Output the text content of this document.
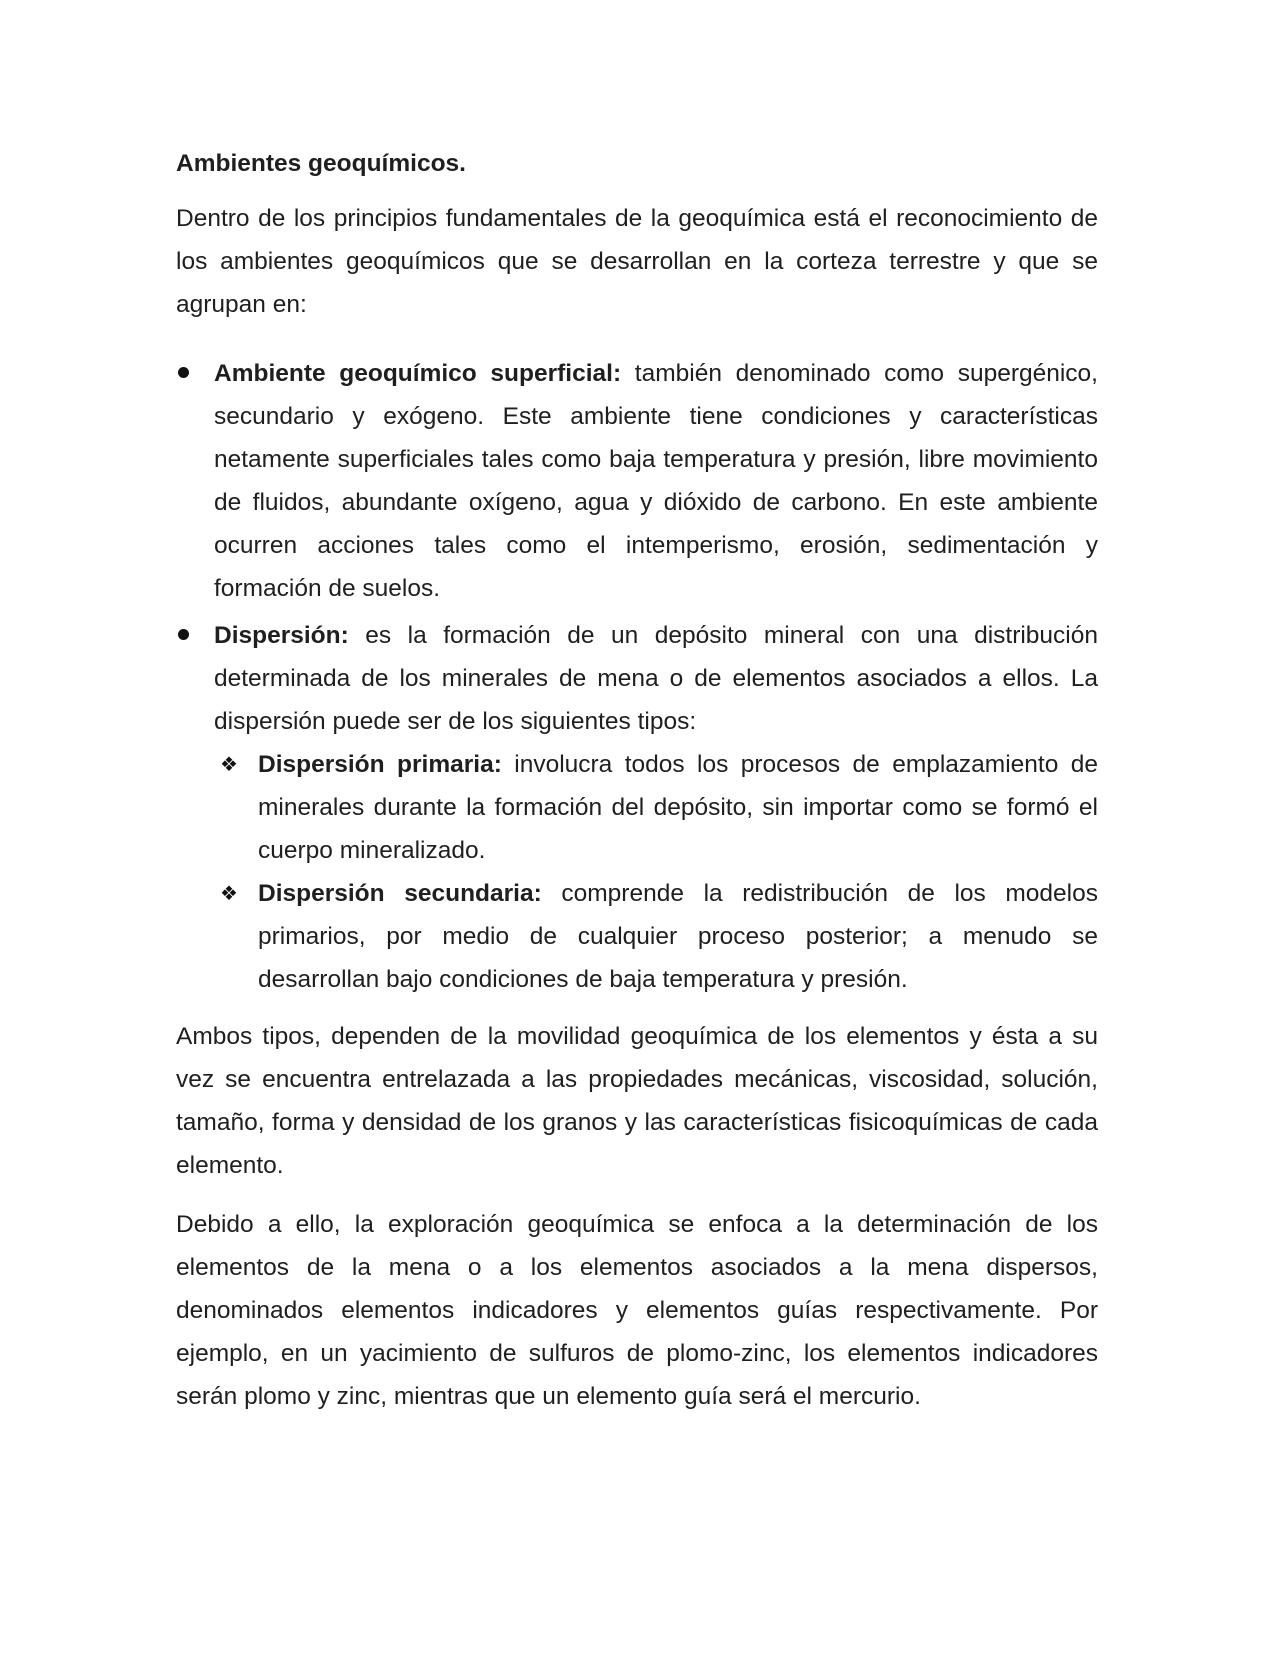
Ambientes geoquímicos.

Dentro de los principios fundamentales de la geoquímica está el reconocimiento de los ambientes geoquímicos que se desarrollan en la corteza terrestre y que se agrupan en:

Ambiente geoquímico superficial: también denominado como supergénico, secundario y exógeno. Este ambiente tiene condiciones y características netamente superficiales tales como baja temperatura y presión, libre movimiento de fluidos, abundante oxígeno, agua y dióxido de carbono. En este ambiente ocurren acciones tales como el intemperismo, erosión, sedimentación y formación de suelos.
Dispersión: es la formación de un depósito mineral con una distribución determinada de los minerales de mena o de elementos asociados a ellos. La dispersión puede ser de los siguientes tipos:
❖ Dispersión primaria: involucra todos los procesos de emplazamiento de minerales durante la formación del depósito, sin importar como se formó el cuerpo mineralizado.
❖ Dispersión secundaria: comprende la redistribución de los modelos primarios, por medio de cualquier proceso posterior; a menudo se desarrollan bajo condiciones de baja temperatura y presión.

Ambos tipos, dependen de la movilidad geoquímica de los elementos y ésta a su vez se encuentra entrelazada a las propiedades mecánicas, viscosidad, solución, tamaño, forma y densidad de los granos y las características fisicoquímicas de cada elemento.

Debido a ello, la exploración geoquímica se enfoca a la determinación de los elementos de la mena o a los elementos asociados a la mena dispersos, denominados elementos indicadores y elementos guías respectivamente. Por ejemplo, en un yacimiento de sulfuros de plomo-zinc, los elementos indicadores serán plomo y zinc, mientras que un elemento guía será el mercurio.
